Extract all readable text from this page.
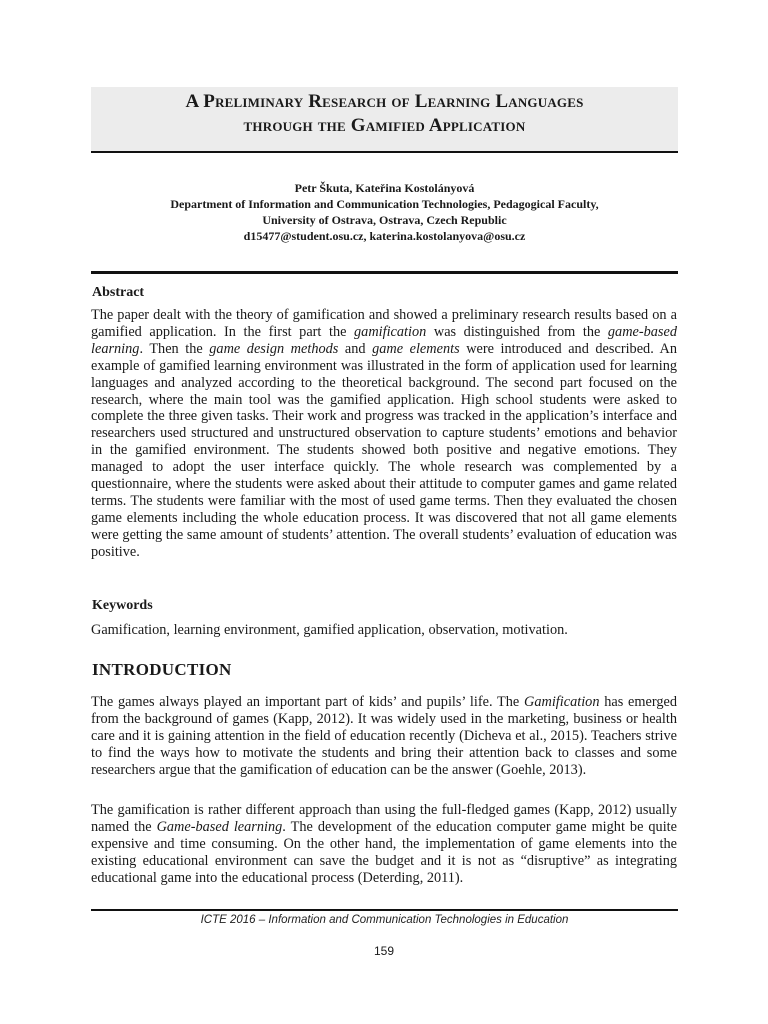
A Preliminary Research of Learning Languages
through the Gamified Application
Petr Škuta, Kateřina Kostolányová
Department of Information and Communication Technologies, Pedagogical Faculty,
University of Ostrava, Ostrava, Czech Republic
d15477@student.osu.cz, katerina.kostolanyova@osu.cz
Abstract

The paper dealt with the theory of gamification and showed a preliminary research results based on a gamified application. In the first part the gamification was distinguished from the game-based learning. Then the game design methods and game elements were introduced and described. An example of gamified learning environment was illustrated in the form of application used for learning languages and analyzed according to the theoretical background. The second part focused on the research, where the main tool was the gamified application. High school students were asked to complete the three given tasks. Their work and progress was tracked in the application’s interface and researchers used structured and unstructured observation to capture students’ emotions and behavior in the gamified environment. The students showed both positive and negative emotions. They managed to adopt the user interface quickly. The whole research was complemented by a questionnaire, where the students were asked about their attitude to computer games and game related terms. The students were familiar with the most of used game terms. Then they evaluated the chosen game elements including the whole education process. It was discovered that not all game elements were getting the same amount of students’ attention. The overall students’ evaluation of education was positive.

Keywords

Gamification, learning environment, gamified application, observation, motivation.

INTRODUCTION

The games always played an important part of kids’ and pupils’ life. The Gamification has emerged from the background of games (Kapp, 2012). It was widely used in the marketing, business or health care and it is gaining attention in the field of education recently (Dicheva et al., 2015). Teachers strive to find the ways how to motivate the students and bring their attention back to classes and some researchers argue that the gamification of education can be the answer (Goehle, 2013).

The gamification is rather different approach than using the full-fledged games (Kapp, 2012) usually named the Game-based learning. The development of the education computer game might be quite expensive and time consuming. On the other hand, the implementation of game elements into the existing educational environment can save the budget and it is not as “disruptive” as integrating educational game into the educational process (Deterding, 2011).

ICTE 2016 – Information and Communication Technologies in Education
159
